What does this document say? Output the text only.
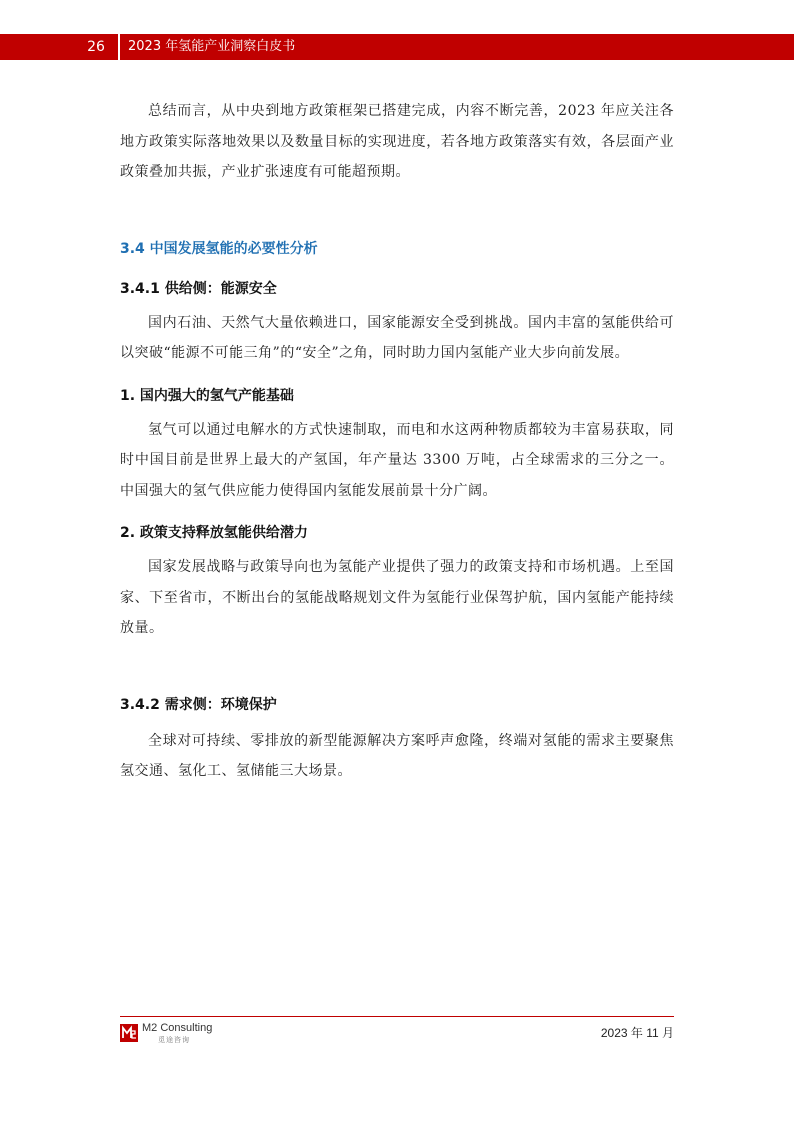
26	2023 年氢能产业洞察白皮书

总结而言，从中央到地方政策框架已搭建完成，内容不断完善，2023 年应关注各地方政策实际落地效果以及数量目标的实现进度，若各地方政策落实有效，各层面产业政策叠加共振，产业扩张速度有可能超预期。

3.4 中国发展氢能的必要性分析
3.4.1 供给侧：能源安全

国内石油、天然气大量依赖进口，国家能源安全受到挑战。国内丰富的氢能供给可以突破“能源不可能三角”的“安全”之角，同时助力国内氢能产业大步向前发展。

1. 国内强大的氢气产能基础

氢气可以通过电解水的方式快速制取，而电和水这两种物质都较为丰富易获取，同时中国目前是世界上最大的产氢国，年产量达 3300 万吨，占全球需求的三分之一。中国强大的氢气供应能力使得国内氢能发展前景十分广阔。

2. 政策支持释放氢能供给潜力

国家发展战略与政策导向也为氢能产业提供了强力的政策支持和市场机遇。上至国家、下至省市，不断出台的氢能战略规划文件为氢能行业保驾护航，国内氢能产能持续放量。

3.4.2 需求侧：环境保护

全球对可持续、零排放的新型能源解决方案呼声愈隆，终端对氢能的需求主要聚焦氢交通、氢化工、氢储能三大场景。

M2 Consulting
觅途咨询	2023 年 11 月
